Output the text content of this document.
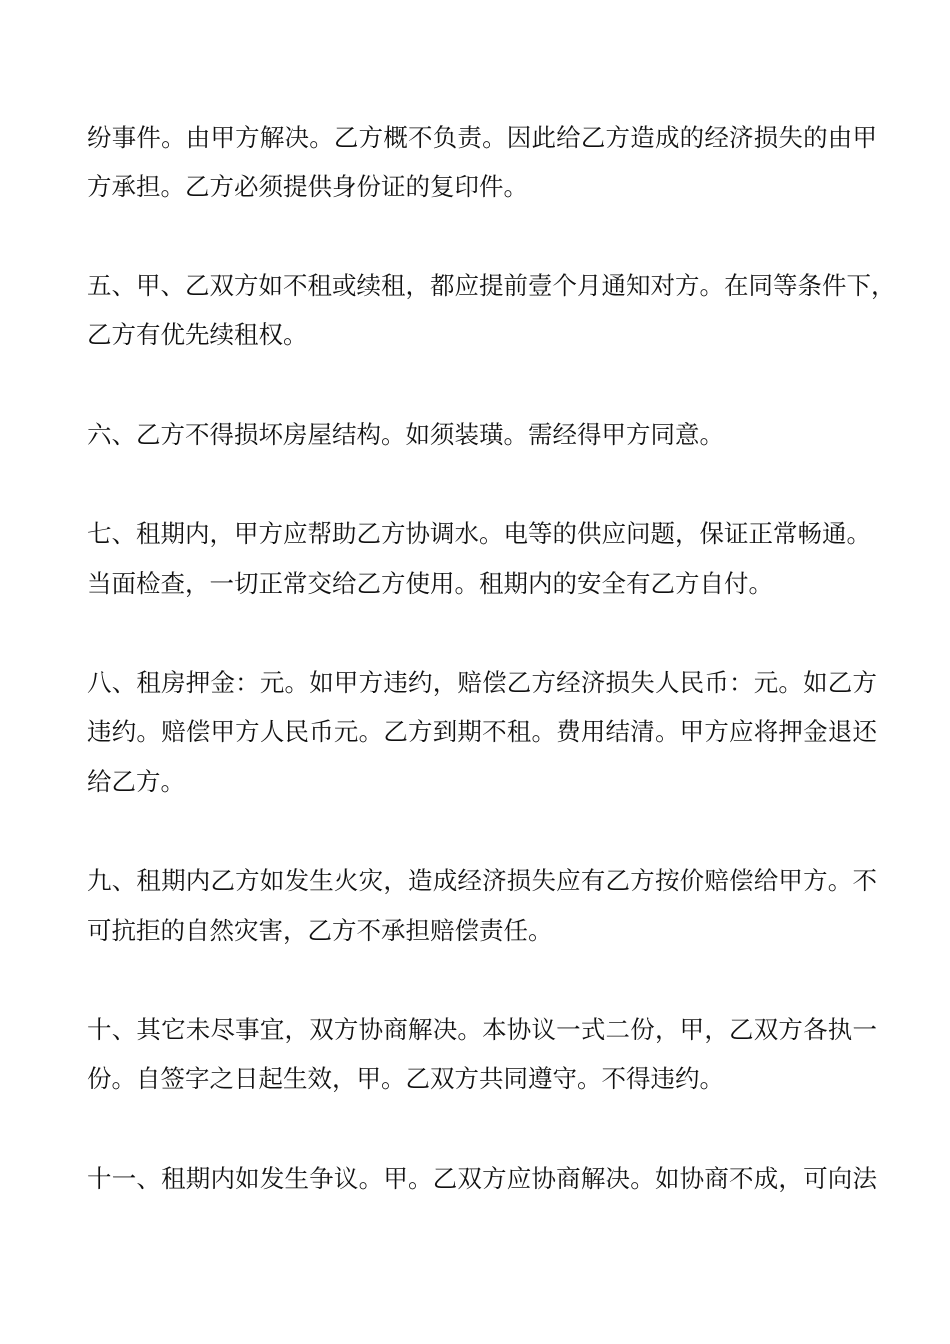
纷事件。由甲方解决。乙方概不负责。因此给乙方造成的经济损失的由甲
方承担。乙方必须提供身份证的复印件。
五、甲、乙双方如不租或续租，都应提前壹个月通知对方。在同等条件下，
乙方有优先续租权。
六、乙方不得损坏房屋结构。如须装璜。需经得甲方同意。
七、租期内，甲方应帮助乙方协调水。电等的供应问题，保证正常畅通。
当面检查，一切正常交给乙方使用。租期内的安全有乙方自付。
八、租房押金：元。如甲方违约，赔偿乙方经济损失人民币：元。如乙方
违约。赔偿甲方人民币元。乙方到期不租。费用结清。甲方应将押金退还
给乙方。
九、租期内乙方如发生火灾，造成经济损失应有乙方按价赔偿给甲方。不
可抗拒的自然灾害，乙方不承担赔偿责任。
十、其它未尽事宜，双方协商解决。本协议一式二份，甲，乙双方各执一
份。自签字之日起生效，甲。乙双方共同遵守。不得违约。
十一、租期内如发生争议。甲。乙双方应协商解决。如协商不成，可向法
